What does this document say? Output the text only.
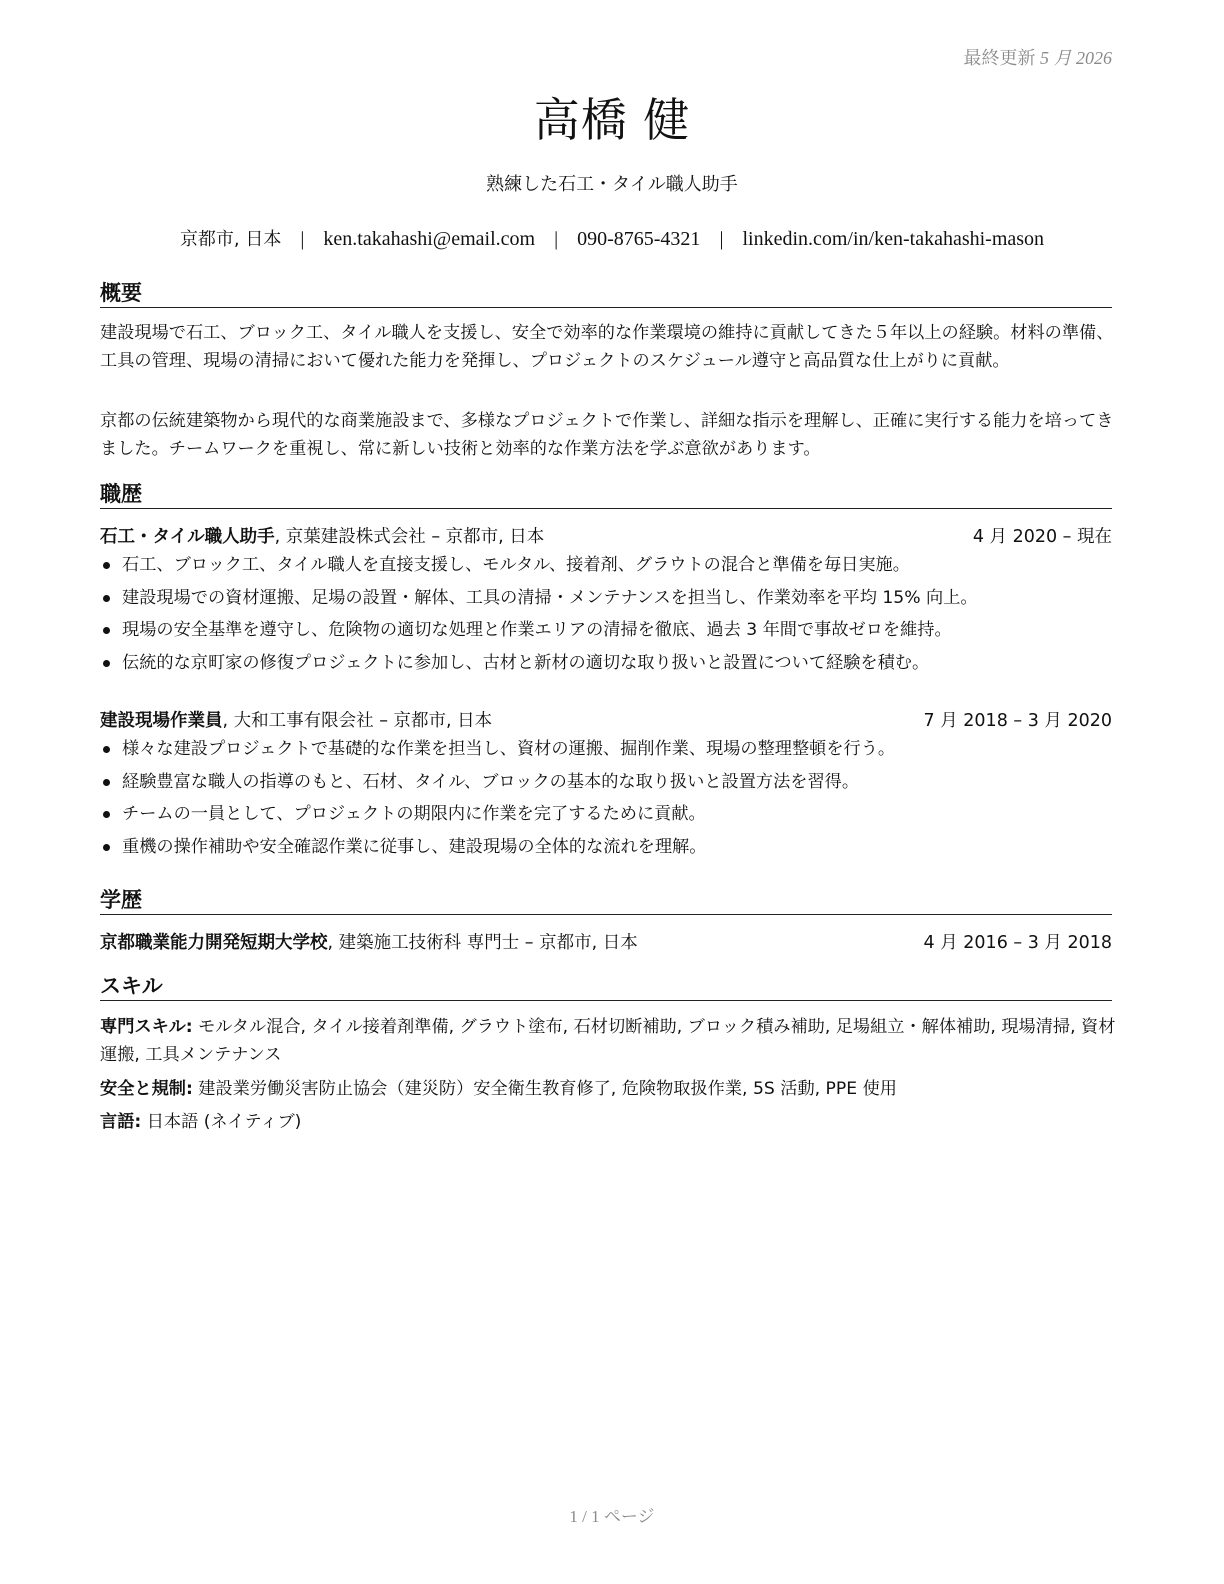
最終更新 5 月 2026
高橋 健
熟練した石工・タイル職人助手
京都市, 日本 | ken.takahashi@email.com | 090-8765-4321 | linkedin.com/in/ken-takahashi-mason
概要
建設現場で石工、ブロック工、タイル職人を支援し、安全で効率的な作業環境の維持に貢献してきた５年以上の経験。材料の準備、工具の管理、現場の清掃において優れた能力を発揮し、プロジェクトのスケジュール遵守と高品質な仕上がりに貢献。
京都の伝統建築物から現代的な商業施設まで、多様なプロジェクトで作業し、詳細な指示を理解し、正確に実行する能力を培ってきました。チームワークを重視し、常に新しい技術と効率的な作業方法を学ぶ意欲があります。
職歴
石工・タイル職人助手, 京葉建設株式会社 – 京都市, 日本	4 月 2020 – 現在
石工、ブロック工、タイル職人を直接支援し、モルタル、接着剤、グラウトの混合と準備を毎日実施。
建設現場での資材運搬、足場の設置・解体、工具の清掃・メンテナンスを担当し、作業効率を平均 15% 向上。
現場の安全基準を遵守し、危険物の適切な処理と作業エリアの清掃を徹底、過去 3 年間で事故ゼロを維持。
伝統的な京町家の修復プロジェクトに参加し、古材と新材の適切な取り扱いと設置について経験を積む。
建設現場作業員, 大和工事有限会社 – 京都市, 日本	7 月 2018 – 3 月 2020
様々な建設プロジェクトで基礎的な作業を担当し、資材の運搬、掘削作業、現場の整理整頓を行う。
経験豊富な職人の指導のもと、石材、タイル、ブロックの基本的な取り扱いと設置方法を習得。
チームの一員として、プロジェクトの期限内に作業を完了するために貢献。
重機の操作補助や安全確認作業に従事し、建設現場の全体的な流れを理解。
学歴
京都職業能力開発短期大学校, 建築施工技術科 専門士 – 京都市, 日本	4 月 2016 – 3 月 2018
スキル
専門スキル: モルタル混合, タイル接着剤準備, グラウト塗布, 石材切断補助, ブロック積み補助, 足場組立・解体補助, 現場清掃, 資材運搬, 工具メンテナンス
安全と規制: 建設業労働災害防止協会（建災防）安全衛生教育修了, 危険物取扱作業, 5S 活動, PPE 使用
言語: 日本語 (ネイティブ)
1 / 1 ページ
